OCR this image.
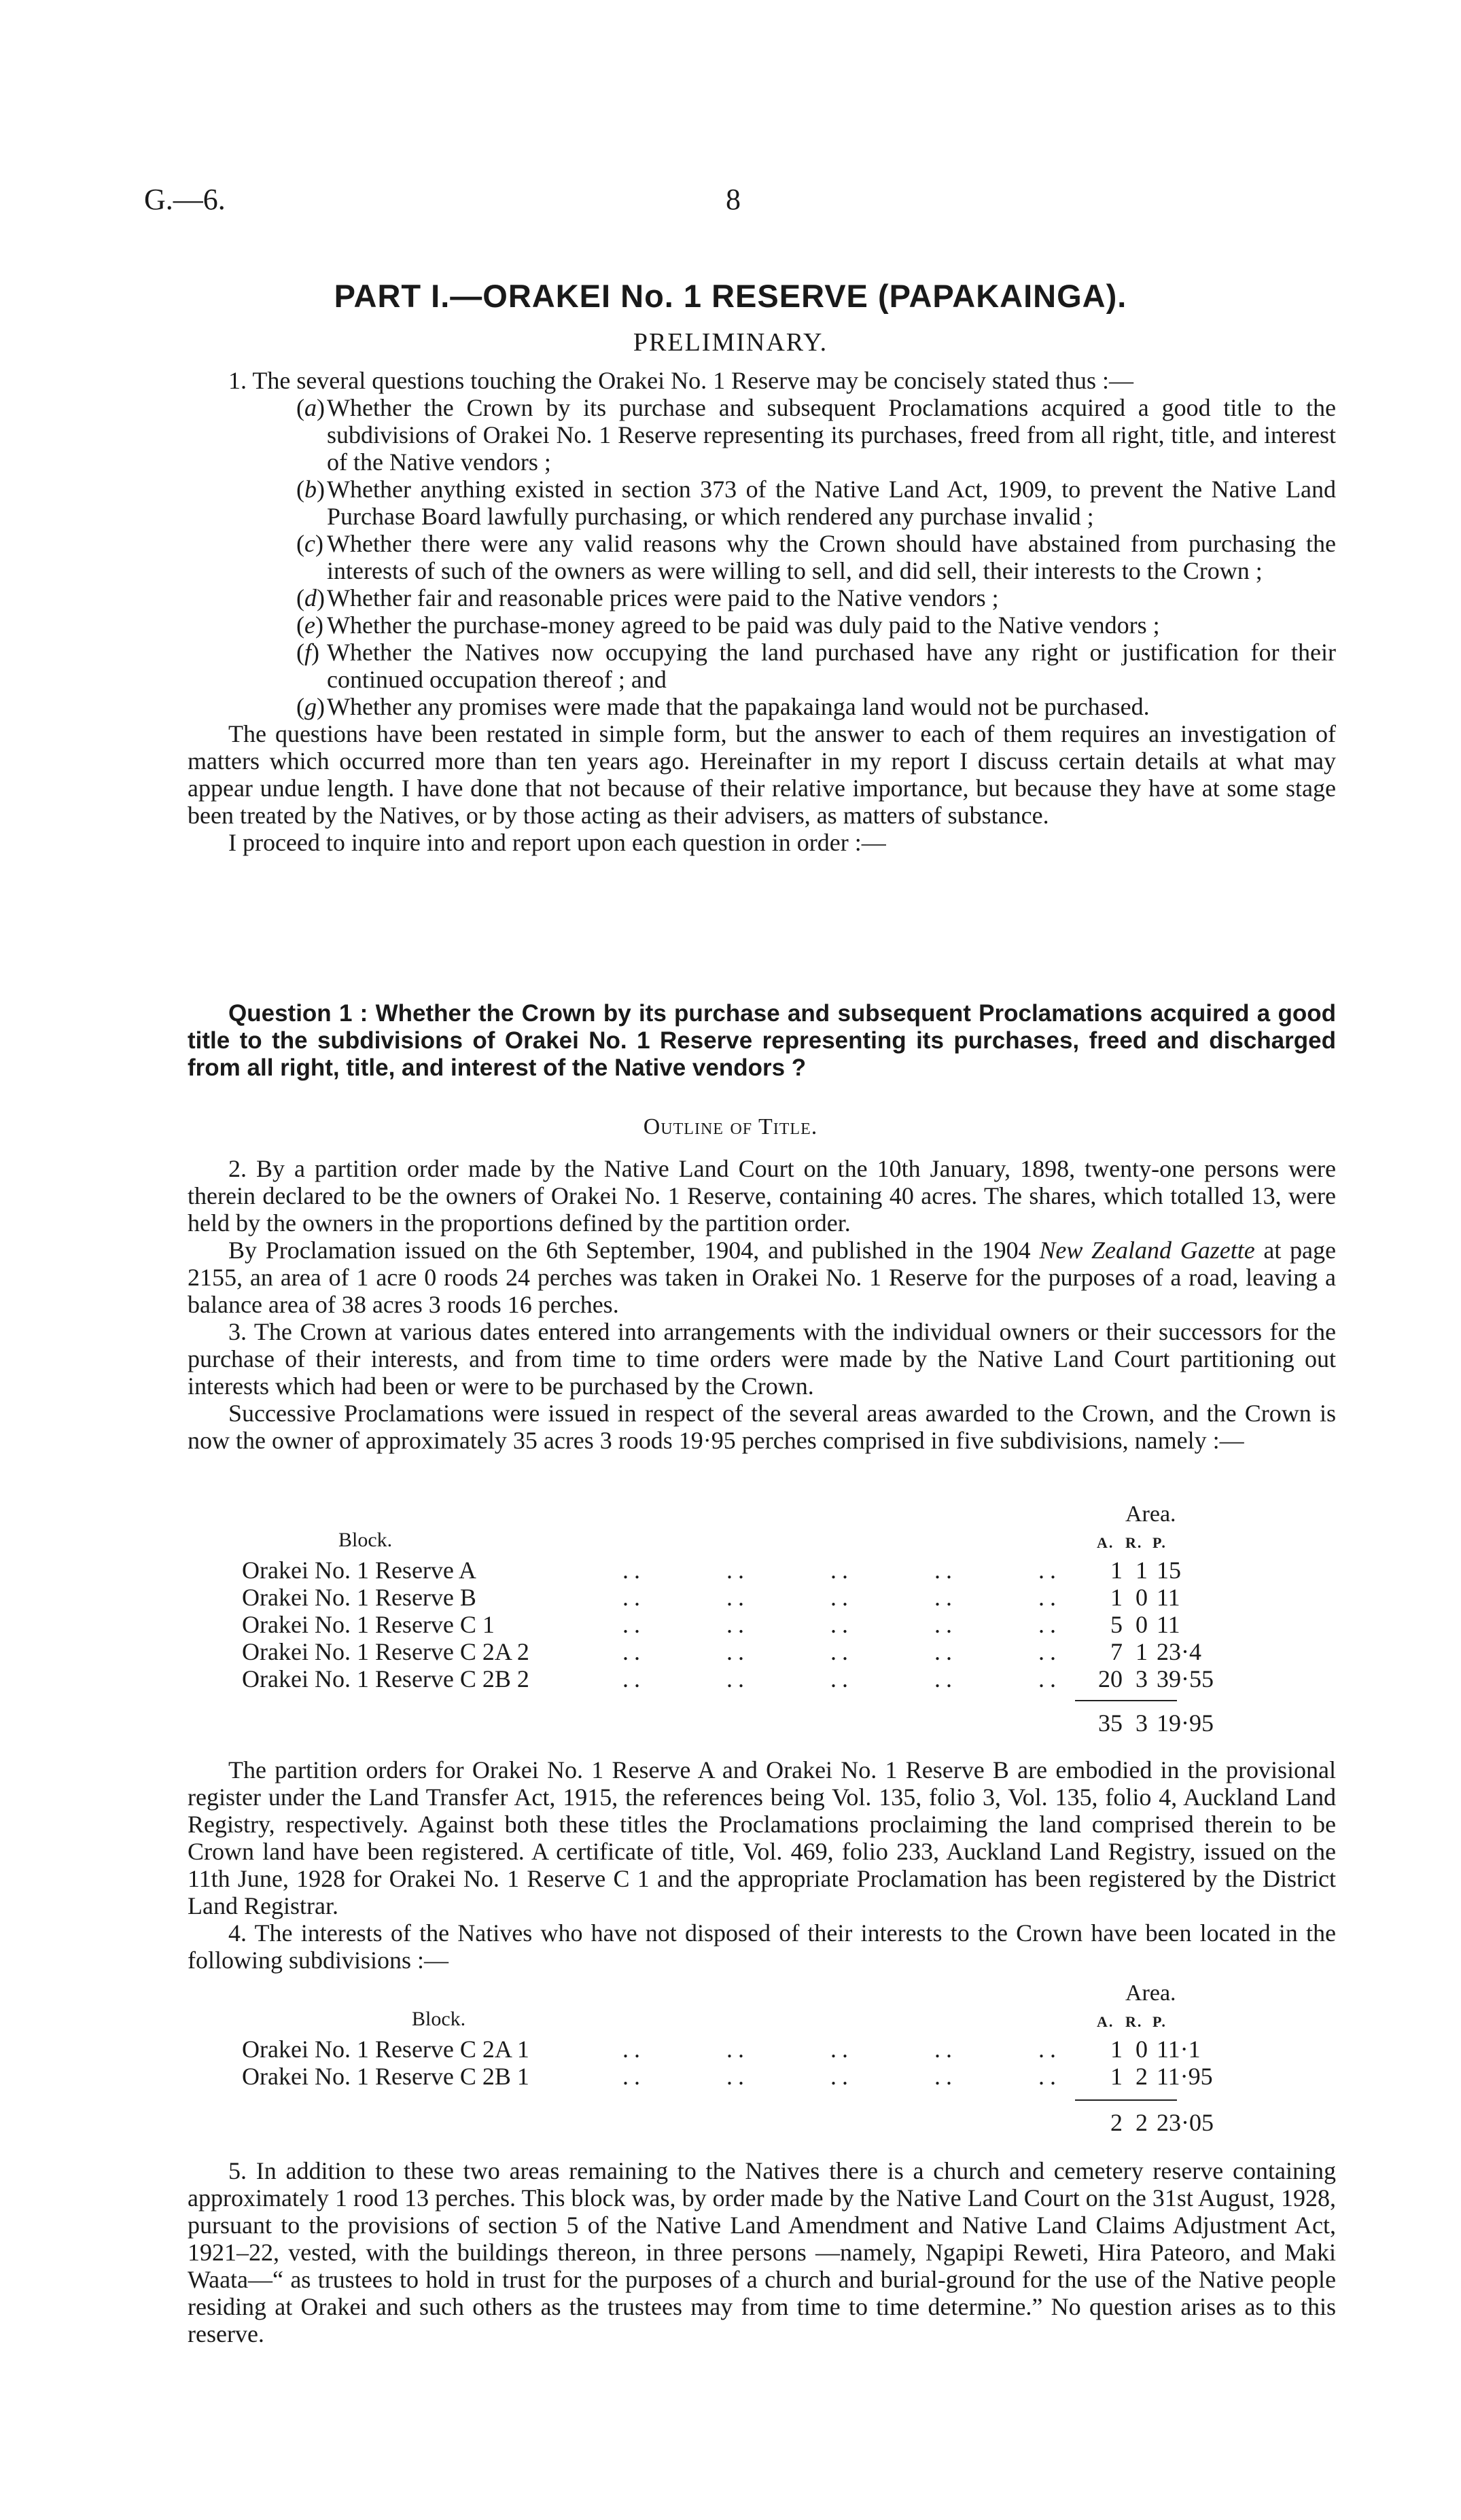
G.—6.	8
PART I.—ORAKEI No. 1 RESERVE (PAPAKAINGA).
PRELIMINARY.
1. The several questions touching the Orakei No. 1 Reserve may be concisely stated thus :—
( a ) Whether the Crown by its purchase and subsequent Proclamations acquired a good title to the subdivisions of Orakei No. 1 Reserve representing its purchases, freed from all right, title, and interest of the Native vendors ;
( b ) Whether anything existed in section 373 of the Native Land Act, 1909, to prevent the Native Land Purchase Board lawfully purchasing, or which rendered any purchase invalid ;
( c ) Whether there were any valid reasons why the Crown should have abstained from purchasing the interests of such of the owners as were willing to sell, and did sell, their interests to the Crown ;
( d ) Whether fair and reasonable prices were paid to the Native vendors ;
( e ) Whether the purchase-money agreed to be paid was duly paid to the Native vendors ;
( f ) Whether the Natives now occupying the land purchased have any right or justification for their continued occupation thereof ; and
( g ) Whether any promises were made that the papakainga land would not be purchased.
The questions have been restated in simple form, but the answer to each of them requires an investigation of matters which occurred more than ten years ago. Hereinafter in my report I discuss certain details at what may appear undue length. I have done that not because of their relative importance, but because they have at some stage been treated by the Natives, or by those acting as their advisers, as matters of substance.
I proceed to inquire into and report upon each question in order :—
Question 1 : Whether the Crown by its purchase and subsequent Proclamations acquired a good title to the subdivisions of Orakei No. 1 Reserve representing its purchases, freed and discharged from all right, title, and interest of the Native vendors ?
Outline of Title.
2. By a partition order made by the Native Land Court on the 10th January, 1898, twenty-one persons were therein declared to be the owners of Orakei No. 1 Reserve, containing 40 acres. The shares, which totalled 13, were held by the owners in the proportions defined by the partition order.
By Proclamation issued on the 6th September, 1904, and published in the 1904 New Zealand Gazette at page 2155, an area of 1 acre 0 roods 24 perches was taken in Orakei No. 1 Reserve for the purposes of a road, leaving a balance area of 38 acres 3 roods 16 perches.
3. The Crown at various dates entered into arrangements with the individual owners or their successors for the purchase of their interests, and from time to time orders were made by the Native Land Court partitioning out interests which had been or were to be purchased by the Crown.
Successive Proclamations were issued in respect of the several areas awarded to the Crown, and the Crown is now the owner of approximately 35 acres 3 roods 19·95 perches comprised in five subdivisions, namely :—
Area.
Block.	A. R. P.
Orakei No. 1 Reserve A	..       ..       ..       ..       ..	1 1 15
Orakei No. 1 Reserve B	..       ..       ..       ..       ..	1 0 11
Orakei No. 1 Reserve C 1	..       ..       ..       ..       ..	5 0 11
Orakei No. 1 Reserve C 2A 2	..       ..       ..       ..       ..	7 1 23·4
Orakei No. 1 Reserve C 2B 2	..       ..       ..       ..       ..	20 3 39·55
35 3 19·95
The partition orders for Orakei No. 1 Reserve A and Orakei No. 1 Reserve B are embodied in the provisional register under the Land Transfer Act, 1915, the references being Vol. 135, folio 3, Vol. 135, folio 4, Auckland Land Registry, respectively. Against both these titles the Proclamations proclaiming the land comprised therein to be Crown land have been registered. A certificate of title, Vol. 469, folio 233, Auckland Land Registry, issued on the 11th June, 1928 for Orakei No. 1 Reserve C 1 and the appropriate Proclamation has been registered by the District Land Registrar.
4. The interests of the Natives who have not disposed of their interests to the Crown have been located in the following subdivisions :—
Area.
Block.	A. R. P.
Orakei No. 1 Reserve C 2A 1	..       ..       ..       ..       ..	1 0 11·1
Orakei No. 1 Reserve C 2B 1	..       ..       ..       ..       ..	1 2 11·95
2 2 23·05
5. In addition to these two areas remaining to the Natives there is a church and cemetery reserve containing approximately 1 rood 13 perches. This block was, by order made by the Native Land Court on the 31st August, 1928, pursuant to the provisions of section 5 of the Native Land Amendment and Native Land Claims Adjustment Act, 1921–22, vested, with the buildings thereon, in three persons —namely, Ngapipi Reweti, Hira Pateoro, and Maki Waata—“ as trustees to hold in trust for the purposes of a church and burial-ground for the use of the Native people residing at Orakei and such others as the trustees may from time to time determine.” No question arises as to this reserve.
